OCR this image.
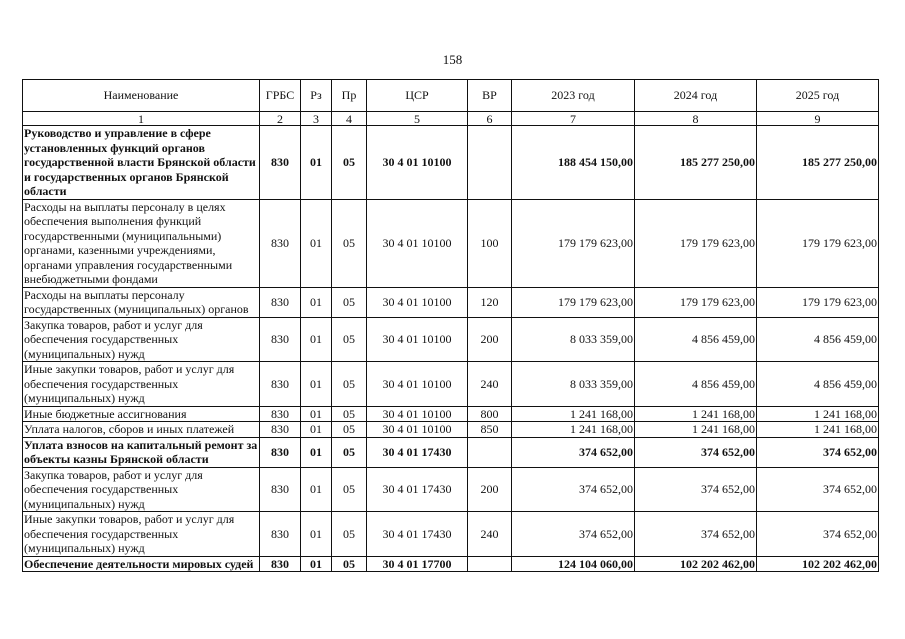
158
Наименование	ГРБС	Рз	Пр	ЦСР	ВР	2023 год	2024 год	2025 год
1	2	3	4	5	6	7	8	9
Руководство и управление в сфере установленных функций органов государственной власти Брянской области и государственных органов Брянской области	830	01	05	30 4 01 10100		188 454 150,00	185 277 250,00	185 277 250,00
Расходы на выплаты персоналу в целях обеспечения выполнения функций государственными (муниципальными) органами, казенными учреждениями, органами управления государственными внебюджетными фондами	830	01	05	30 4 01 10100	100	179 179 623,00	179 179 623,00	179 179 623,00
Расходы на выплаты персоналу государственных (муниципальных) органов	830	01	05	30 4 01 10100	120	179 179 623,00	179 179 623,00	179 179 623,00
Закупка товаров, работ и услуг для обеспечения государственных (муниципальных) нужд	830	01	05	30 4 01 10100	200	8 033 359,00	4 856 459,00	4 856 459,00
Иные закупки товаров, работ и услуг для обеспечения государственных (муниципальных) нужд	830	01	05	30 4 01 10100	240	8 033 359,00	4 856 459,00	4 856 459,00
Иные бюджетные ассигнования	830	01	05	30 4 01 10100	800	1 241 168,00	1 241 168,00	1 241 168,00
Уплата налогов, сборов и иных платежей	830	01	05	30 4 01 10100	850	1 241 168,00	1 241 168,00	1 241 168,00
Уплата взносов на капитальный ремонт за объекты казны Брянской области	830	01	05	30 4 01 17430		374 652,00	374 652,00	374 652,00
Закупка товаров, работ и услуг для обеспечения государственных (муниципальных) нужд	830	01	05	30 4 01 17430	200	374 652,00	374 652,00	374 652,00
Иные закупки товаров, работ и услуг для обеспечения государственных (муниципальных) нужд	830	01	05	30 4 01 17430	240	374 652,00	374 652,00	374 652,00
Обеспечение деятельности мировых судей	830	01	05	30 4 01 17700		124 104 060,00	102 202 462,00	102 202 462,00
